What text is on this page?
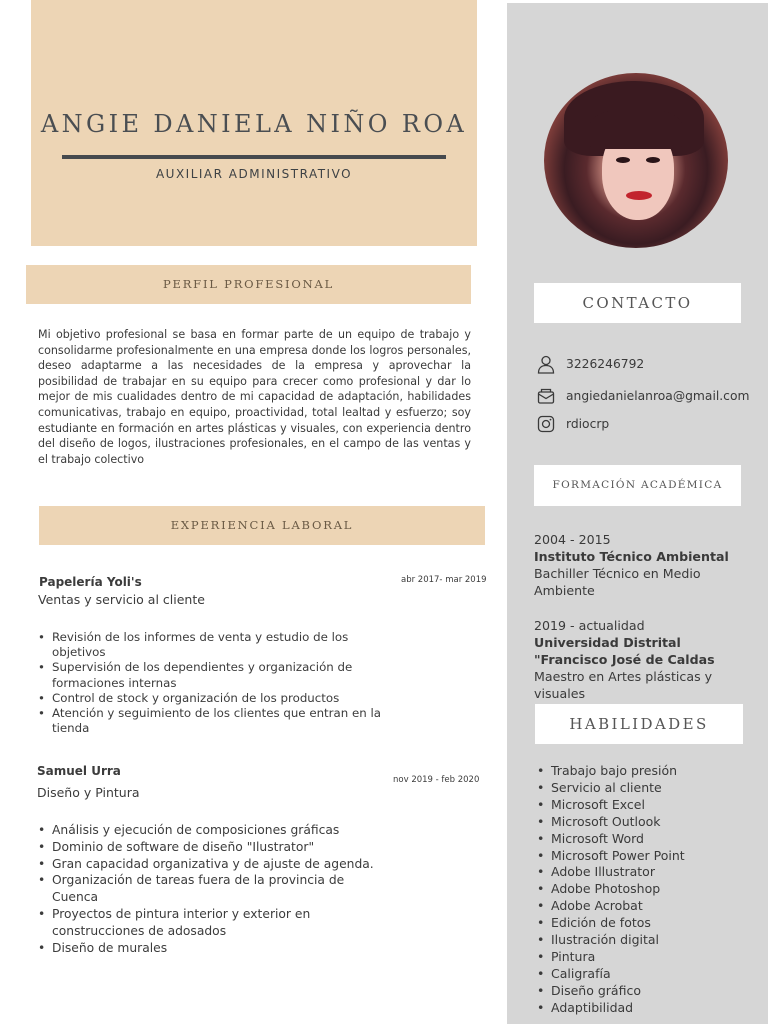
ANGIE DANIELA NIÑO ROA
AUXILIAR ADMINISTRATIVO
PERFIL PROFESIONAL

Mi objetivo profesional se basa en formar parte de un equipo de trabajo y consolidarme profesionalmente en una empresa donde los logros personales, deseo adaptarme a las necesidades de la empresa y aprovechar la posibilidad de trabajar en su equipo para crecer como profesional y dar lo mejor de mis cualidades dentro de mi capacidad de adaptación, habilidades comunicativas, trabajo en equipo, proactividad, total lealtad y esfuerzo; soy estudiante en formación en artes plásticas y visuales, con experiencia dentro del diseño de logos, ilustraciones profesionales, en el campo de las ventas y el trabajo colectivo

EXPERIENCIA LABORAL
Papelería Yoli's	abr 2017- mar 2019
Ventas y servicio al cliente
• Revisión de los informes de venta y estudio de los objetivos
• Supervisión de los dependientes y organización de formaciones internas
• Control de stock y organización de los productos
• Atención y seguimiento de los clientes que entran en la tienda
Samuel Urra
nov 2019 - feb 2020
Diseño y Pintura
• Análisis y ejecución de composiciones gráficas
• Dominio de software de diseño "Ilustrator"
• Gran capacidad organizativa y de ajuste de agenda.
• Organización de tareas fuera de la provincia de Cuenca
• Proyectos de pintura interior y exterior en construcciones de adosados
• Diseño de murales
CONTACTO
3226246792
angiedanielanroa@gmail.com
rdiocrp
FORMACIÓN ACADÉMICA
2004 - 2015
Instituto Técnico Ambiental
Bachiller Técnico en Medio Ambiente
2019 - actualidad
Universidad Distrital "Francisco José de Caldas
Maestro en Artes plásticas y visuales
HABILIDADES
• Trabajo bajo presión
• Servicio al cliente
• Microsoft Excel
• Microsoft Outlook
• Microsoft Word
• Microsoft Power Point
• Adobe Illustrator
• Adobe Photoshop
• Adobe Acrobat
• Edición de fotos
• Ilustración digital
• Pintura
• Caligrafía
• Diseño gráfico
• Adaptibilidad
